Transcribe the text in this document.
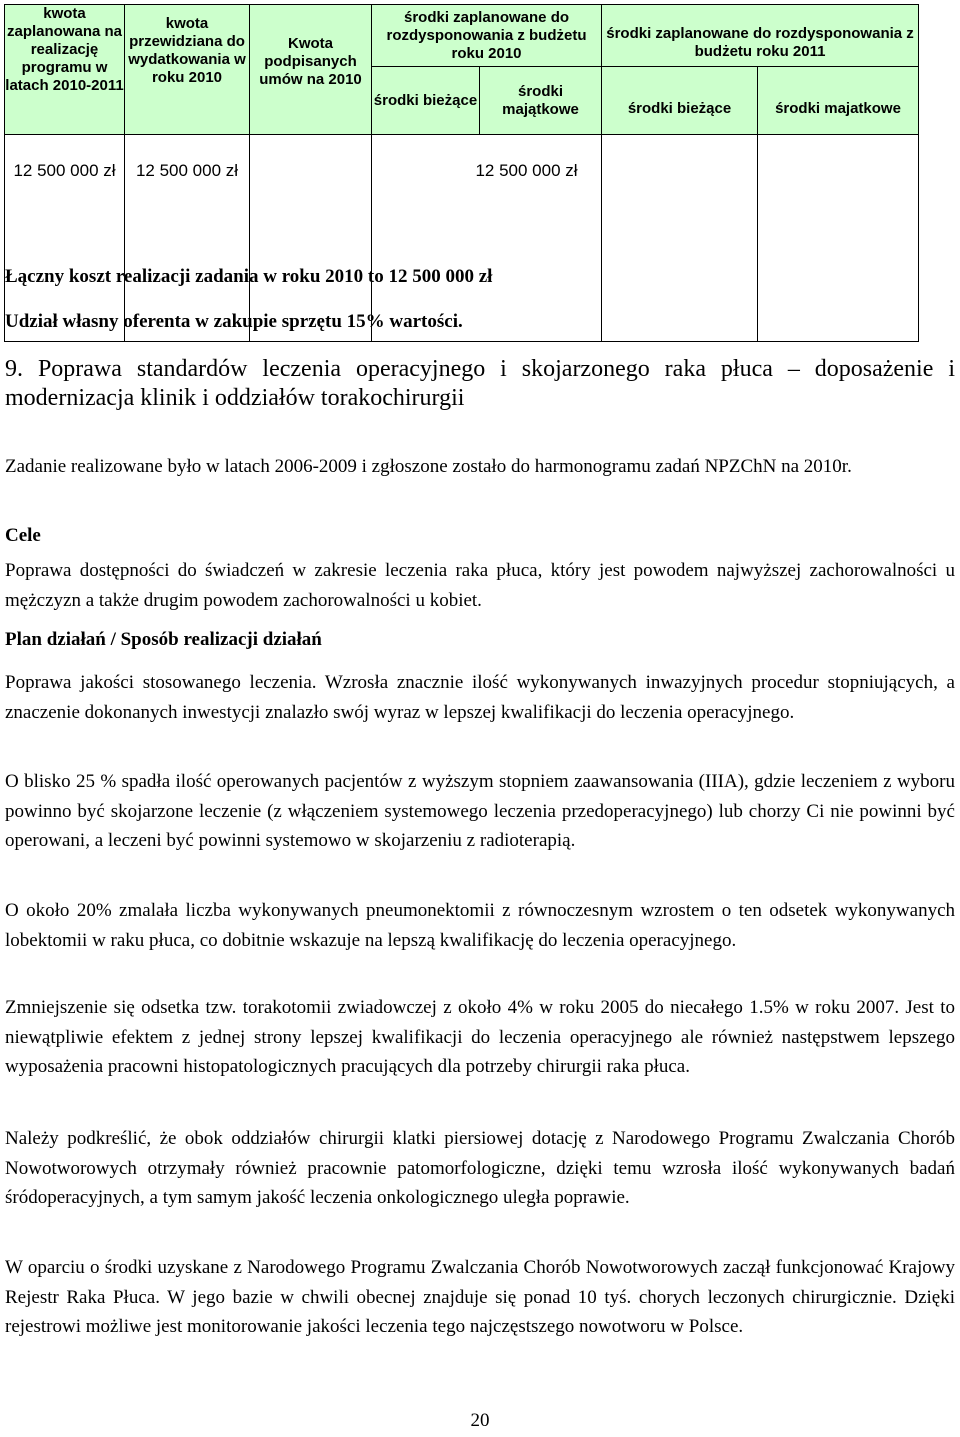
kwota zaplanowana na realizację programu w latach 2010-2011	kwota przewidziana do wydatkowania w roku 2010	Kwota podpisanych umów na 2010	środki zaplanowane do rozdysponowania z budżetu roku 2010		środki zaplanowane do rozdysponowania z budżetu roku 2011	
			środki bieżące	środki majątkowe	środki bieżące	środki majatkowe
12 500 000 zł	12 500 000 zł		12 500 000 zł			
Łączny koszt realizacji zadania w roku 2010 to 12 500 000 zł
Udział własny oferenta w zakupie sprzętu 15% wartości.
9. Poprawa standardów leczenia operacyjnego i skojarzonego raka płuca – doposażenie i modernizacja klinik i oddziałów torakochirurgii
Zadanie realizowane było w latach 2006-2009 i zgłoszone zostało do harmonogramu zadań NPZChN na 2010r.
Cele
Poprawa dostępności do świadczeń w zakresie leczenia raka płuca, który jest powodem najwyższej zachorowalności u mężczyzn a także drugim powodem zachorowalności u kobiet.
Plan działań / Sposób realizacji działań
Poprawa jakości stosowanego leczenia. Wzrosła znacznie ilość wykonywanych inwazyjnych procedur stopniujących, a znaczenie dokonanych inwestycji znalazło swój wyraz w lepszej kwalifikacji do leczenia operacyjnego.
O blisko 25 % spadła ilość operowanych pacjentów z wyższym stopniem zaawansowania (IIIA), gdzie leczeniem z wyboru powinno być skojarzone leczenie (z włączeniem systemowego leczenia przedoperacyjnego) lub chorzy Ci nie powinni być operowani, a leczeni być powinni systemowo w skojarzeniu z radioterapią.
O około 20% zmalała liczba wykonywanych pneumonektomii z równoczesnym wzrostem o ten odsetek wykonywanych lobektomii w raku płuca, co dobitnie wskazuje na lepszą kwalifikację do leczenia operacyjnego.
Zmniejszenie się odsetka tzw. torakotomii zwiadowczej z około 4% w roku 2005 do niecałego 1.5% w roku 2007. Jest to niewątpliwie efektem z jednej strony lepszej kwalifikacji do leczenia operacyjnego ale również następstwem lepszego wyposażenia pracowni histopatologicznych pracujących dla potrzeby chirurgii raka płuca.
Należy podkreślić, że obok oddziałów chirurgii klatki piersiowej dotację z Narodowego Programu Zwalczania Chorób Nowotworowych otrzymały również pracownie patomorfologiczne, dzięki temu wzrosła ilość wykonywanych badań śródoperacyjnych, a tym samym jakość leczenia onkologicznego uległa poprawie.
W oparciu o środki uzyskane z Narodowego Programu Zwalczania Chorób Nowotworowych zaczął funkcjonować Krajowy Rejestr Raka Płuca. W jego bazie w chwili obecnej znajduje się ponad 10 tyś. chorych leczonych chirurgicznie. Dzięki rejestrowi możliwe jest monitorowanie jakości leczenia tego najczęstszego nowotworu w Polsce.
20
